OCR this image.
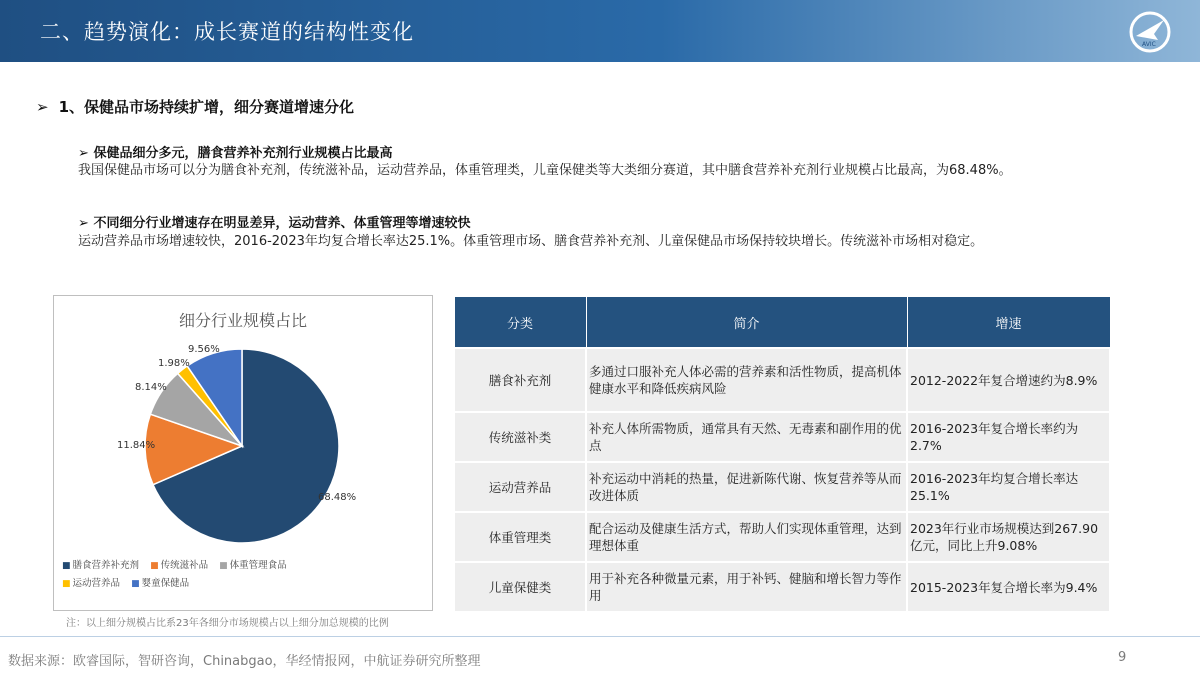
二、趋势演化：成长赛道的结构性变化
AVIC
➢ 1、保健品市场持续扩增，细分赛道增速分化
➢ 保健品细分多元，膳食营养补充剂行业规模占比最高
我国保健品市场可以分为膳食补充剂，传统滋补品，运动营养品，体重管理类，儿童保健类等大类细分赛道，其中膳食营养补充剂行业规模占比最高，为68.48%。
➢ 不同细分行业增速存在明显差异，运动营养、体重管理等增速较快
运动营养品市场增速较快，2016-2023年均复合增长率达25.1%。体重管理市场、膳食营养补充剂、儿童保健品市场保持较块增长。传统滋补市场相对稳定。
细分行业规模占比
68.48%
11.84%
8.14%
1.98%
9.56%
■ 膳食营养补充剂 ■ 传统滋补品 ■ 体重管理食品
■ 运动营养品 ■ 婴童保健品
注：以上细分规模占比系23年各细分市场规模占以上细分加总规模的比例
分类	简介	增速
膳食补充剂	多通过口服补充人体必需的营养素和活性物质，提高机体健康水平和降低疾病风险	2012-2022年复合增速约为8.9%
传统滋补类	补充人体所需物质，通常具有天然、无毒素和副作用的优点	2016-2023年复合增长率约为2.7%
运动营养品	补充运动中消耗的热量，促进新陈代谢、恢复营养等从而改进体质	2016-2023年均复合增长率达25.1%
体重管理类	配合运动及健康生活方式，帮助人们实现体重管理，达到理想体重	2023年行业市场规模达到267.90亿元，同比上升9.08%
儿童保健类	用于补充各种微量元素，用于补钙、健脑和增长智力等作用	2015-2023年复合增长率为9.4%
数据来源：欧睿国际，智研咨询，Chinabgao，华经情报网，中航证券研究所整理	9
